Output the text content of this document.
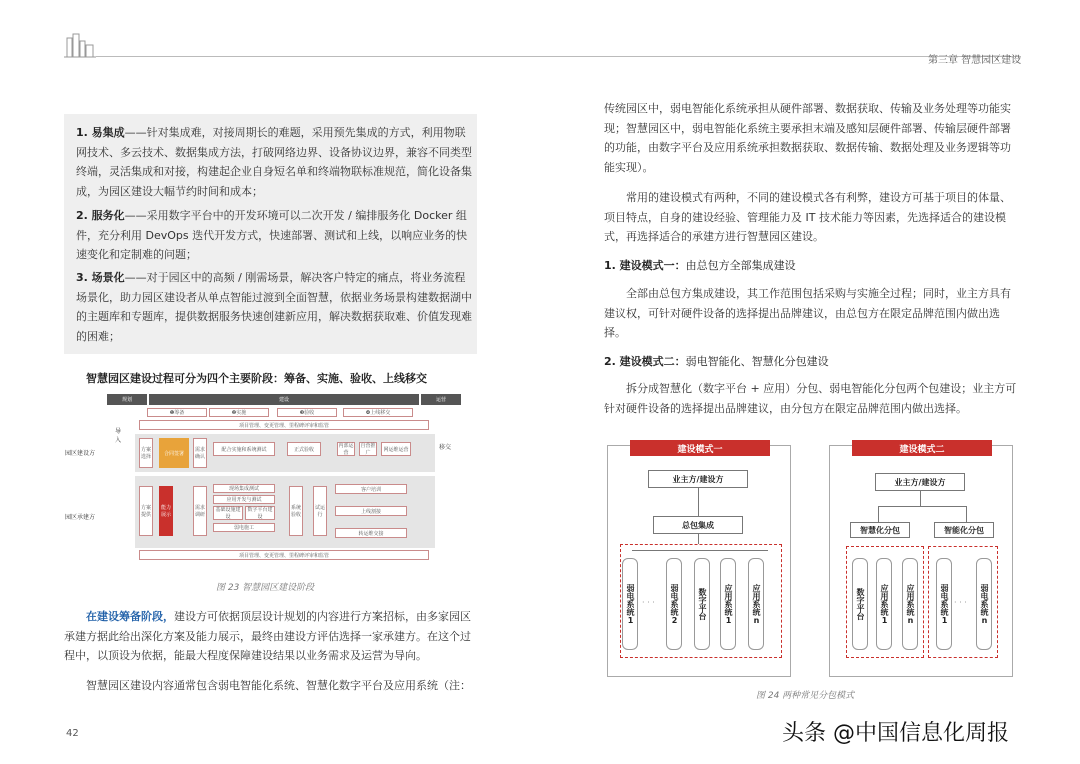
第三章 智慧园区建设
1. 易集成——针对集成难，对接周期长的难题，采用预先集成的方式，利用物联网技术、多云技术、数据集成方法，打破网络边界、设备协议边界，兼容不同类型终端，灵活集成和对接，构建起企业自身短名单和终端物联标准规范，简化设备集成，为园区建设大幅节约时间和成本；
2. 服务化——采用数字平台中的开发环境可以二次开发 / 编排服务化 Docker 组件，充分利用 DevOps 迭代开发方式，快速部署、测试和上线，以响应业务的快速变化和定制难的问题；
3. 场景化——对于园区中的高频 / 刚需场景，解决客户特定的痛点，将业务流程场景化，助力园区建设者从单点智能过渡到全面智慧，依据业务场景构建数据湖中的主题库和专题库，提供数据服务快速创建新应用，解决数据获取难、价值发现难的困难；
智慧园区建设过程可分为四个主要阶段：筹备、实施、验收、上线移交
规划	建设	运营
❶筹备	❷实施	❸验收	❹上线移交
项目管理、变更管理、里程碑评审和监管
导入
园区建设方
园区承建方
移交
方案选择
合同签署
需求确认
配合实施和系统测试	正式验收
内部运营
自营推广
网运维运营
方案提供
能力展示
需求调研
现场集成测试
应用开发与测试
基础设施建设
数字平台建设
弱电施工
系统验收
试运行
客户培训
上线割接
转运维交接
项目管理、变更管理、里程碑评审和监管
图 23 智慧园区建设阶段
在建设筹备阶段，建设方可依据顶层设计规划的内容进行方案招标，由多家园区承建方据此给出深化方案及能力展示，最终由建设方评估选择一家承建方。在这个过程中，以顶设为依据，能最大程度保障建设结果以业务需求及运营为导向。
智慧园区建设内容通常包含弱电智能化系统、智慧化数字平台及应用系统（注：
传统园区中，弱电智能化系统承担从硬件部署、数据获取、传输及业务处理等功能实现；智慧园区中，弱电智能化系统主要承担末端及感知层硬件部署、传输层硬件部署的功能，由数字平台及应用系统承担数据获取、数据传输、数据处理及业务逻辑等功能实现）。
常用的建设模式有两种，不同的建设模式各有利弊，建设方可基于项目的体量、项目特点，自身的建设经验、管理能力及 IT 技术能力等因素，先选择适合的建设模式，再选择适合的承建方进行智慧园区建设。
1. 建设模式一：由总包方全部集成建设
全部由总包方集成建设，其工作范围包括采购与实施全过程；同时，业主方具有建议权，可针对硬件设备的选择提出品牌建议，由总包方在限定品牌范围内做出选择。
2. 建设模式二：弱电智能化、智慧化分包建设
拆分成智慧化（数字平台 + 应用）分包、弱电智能化分包两个包建设；业主方可针对硬件设备的选择提出品牌建议，由分包方在限定品牌范围内做出选择。
建设模式一
业主方/建设方
总包集成
弱电系统1	弱电系统2	数字平台	应用系统1	应用系统n
· · ·
建设模式二
业主方/建设方
智慧化分包	智能化分包
数字平台	应用系统1	应用系统n	弱电系统1	弱电系统n
· · ·
图 24 两种常见分包模式
42	头条 @中国信息化周报
